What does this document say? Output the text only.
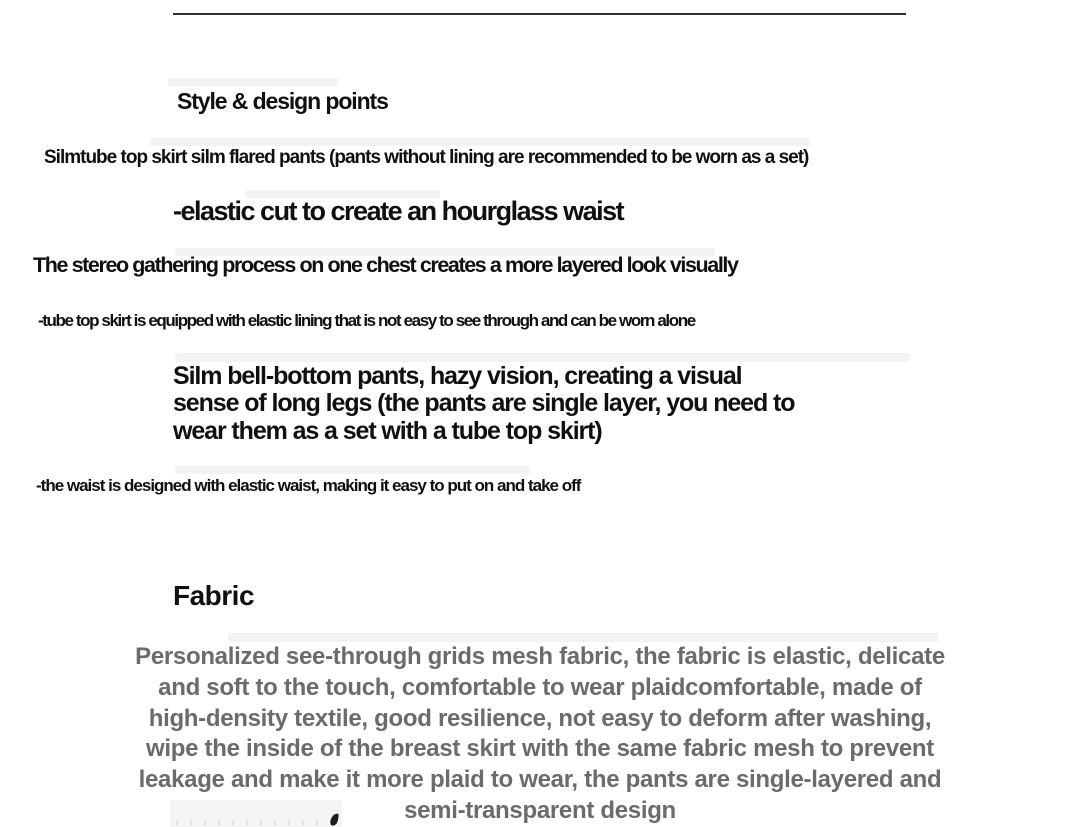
Style & design points
Silmtube top skirt silm flared pants (pants without lining are recommended to be worn as a set)
-elastic cut to create an hourglass waist
The stereo gathering process on one chest creates a more layered look visually
-tube top skirt is equipped with elastic lining that is not easy to see through and can be worn alone
Silm bell-bottom pants, hazy vision, creating a visual
sense of long legs (the pants are single layer, you need to
wear them as a set with a tube top skirt)
-the waist is designed with elastic waist, making it easy to put on and take off
Fabric
Personalized see-through grids mesh fabric, the fabric is elastic, delicate
and soft to the touch, comfortable to wear plaidcomfortable, made of
high-density textile, good resilience, not easy to deform after washing,
wipe the inside of the breast skirt with the same fabric mesh to prevent
leakage and make it more plaid to wear, the pants are single-layered and
semi-transparent design
